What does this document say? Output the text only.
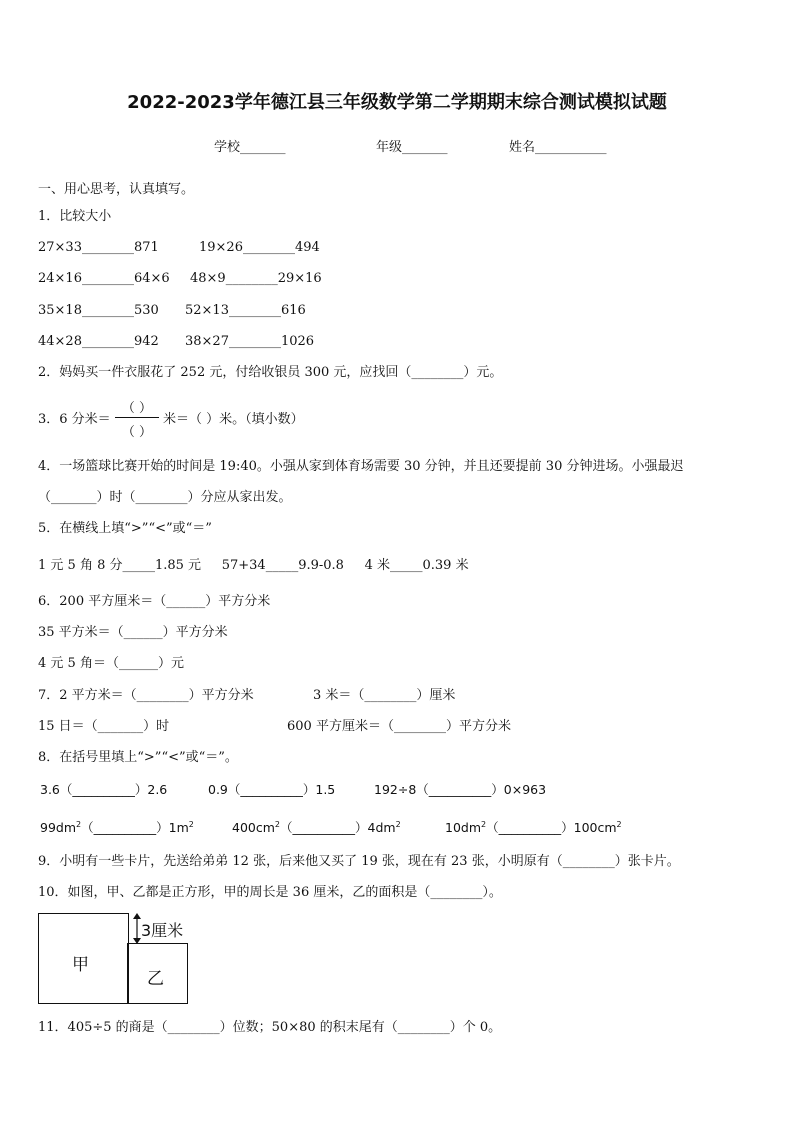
2022-2023学年德江县三年级数学第二学期期末综合测试模拟试题
学校_______	年级_______	姓名___________
一、用心思考，认真填写。
1．比较大小
27×33________871	19×26________494
24×16________64×6 48×9________29×16
35×18________530 52×13________616
44×28________942 38×27________1026
2．妈妈买一件衣服花了 252 元，付给收银员 300 元，应找回（________）元。
3．6 分米＝
（ ）
（ ）
米＝（ ）米。（填小数）
4．一场篮球比赛开始的时间是 19:40。小强从家到体育场需要 30 分钟，并且还要提前 30 分钟进场。小强最迟
（_______）时（________）分应从家出发。
5．在横线上填“>”“<”或“＝”
1 元 5 角 8 分_____1.85 元     57+34_____9.9-0.8     4 米_____0.39 米
6．200 平方厘米＝（______）平方分米
35 平方米＝（______）平方分米
4 元 5 角＝（______）元
7．2 平方米＝（________）平方分米	3 米＝（________）厘米
15 日＝（_______）时	600 平方厘米＝（________）平方分米
8．在括号里填上“>”“<”或“＝”。
3.6（__________）2.6	0.9（__________）1.5	192÷8（__________）0×963
$99dm^2(\_\_\_\_\_\_\_\_\_\_)1m^2$	$400cm^2(\_\_\_\_\_\_\_\_\_\_)4dm^2$	$10dm^2(\_\_\_\_\_\_\_\_\_\_)100cm^2$
9．小明有一些卡片，先送给弟弟 12 张，后来他又买了 19 张，现在有 23 张，小明原有（________）张卡片。
10．如图，甲、乙都是正方形，甲的周长是 36 厘米，乙的面积是（________）。
甲
乙
3厘米
11．405÷5 的商是（________）位数；50×80 的积末尾有（________）个 0。
